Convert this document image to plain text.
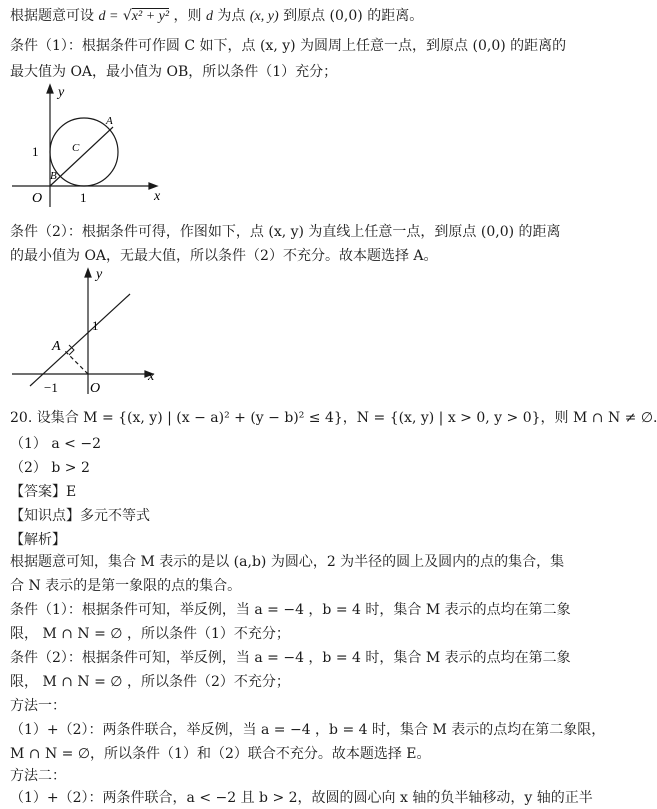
根据题意可设 d = √x² + y² ，则 d 为点 (x, y) 到原点 (0,0) 的距离。
条件（1）：根据条件可作圆 C 如下，点 (x, y) 为圆周上任意一点，到原点 (0,0) 的距离的
最大值为 OA，最小值为 OB，所以条件（1）充分；
y
x
O	1
1
A
B
C
条件（2）：根据条件可得，作图如下，点 (x, y) 为直线上任意一点，到原点 (0,0) 的距离
的最小值为 OA，无最大值，所以条件（2）不充分。故本题选择 A。
y
x
O
1
−1
A
20. 设集合 M = {(x, y) | (x − a)² + (y − b)² ≤ 4}，N = {(x, y) | x > 0, y > 0}，则 M ∩ N ≠ ∅.
（1） a < −2
（2） b > 2
【答案】E
【知识点】多元不等式
【解析】
根据题意可知，集合 M 表示的是以 (a,b) 为圆心，2 为半径的圆上及圆内的点的集合，集
合 N 表示的是第一象限的点的集合。
条件（1）：根据条件可知，举反例，当 a = −4 ，b = 4 时，集合 M 表示的点均在第二象
限， M ∩ N = ∅ ，所以条件（1）不充分；
条件（2）：根据条件可知，举反例，当 a = −4 ，b = 4 时，集合 M 表示的点均在第二象
限， M ∩ N = ∅ ，所以条件（2）不充分；
方法一：
（1）+（2）：两条件联合，举反例，当 a = −4 ，b = 4 时，集合 M 表示的点均在第二象限，
M ∩ N = ∅，所以条件（1）和（2）联合不充分。故本题选择 E。
方法二：
（1）+（2）：两条件联合，a < −2 且 b > 2，故圆的圆心向 x 轴的负半轴移动，y 轴的正半
